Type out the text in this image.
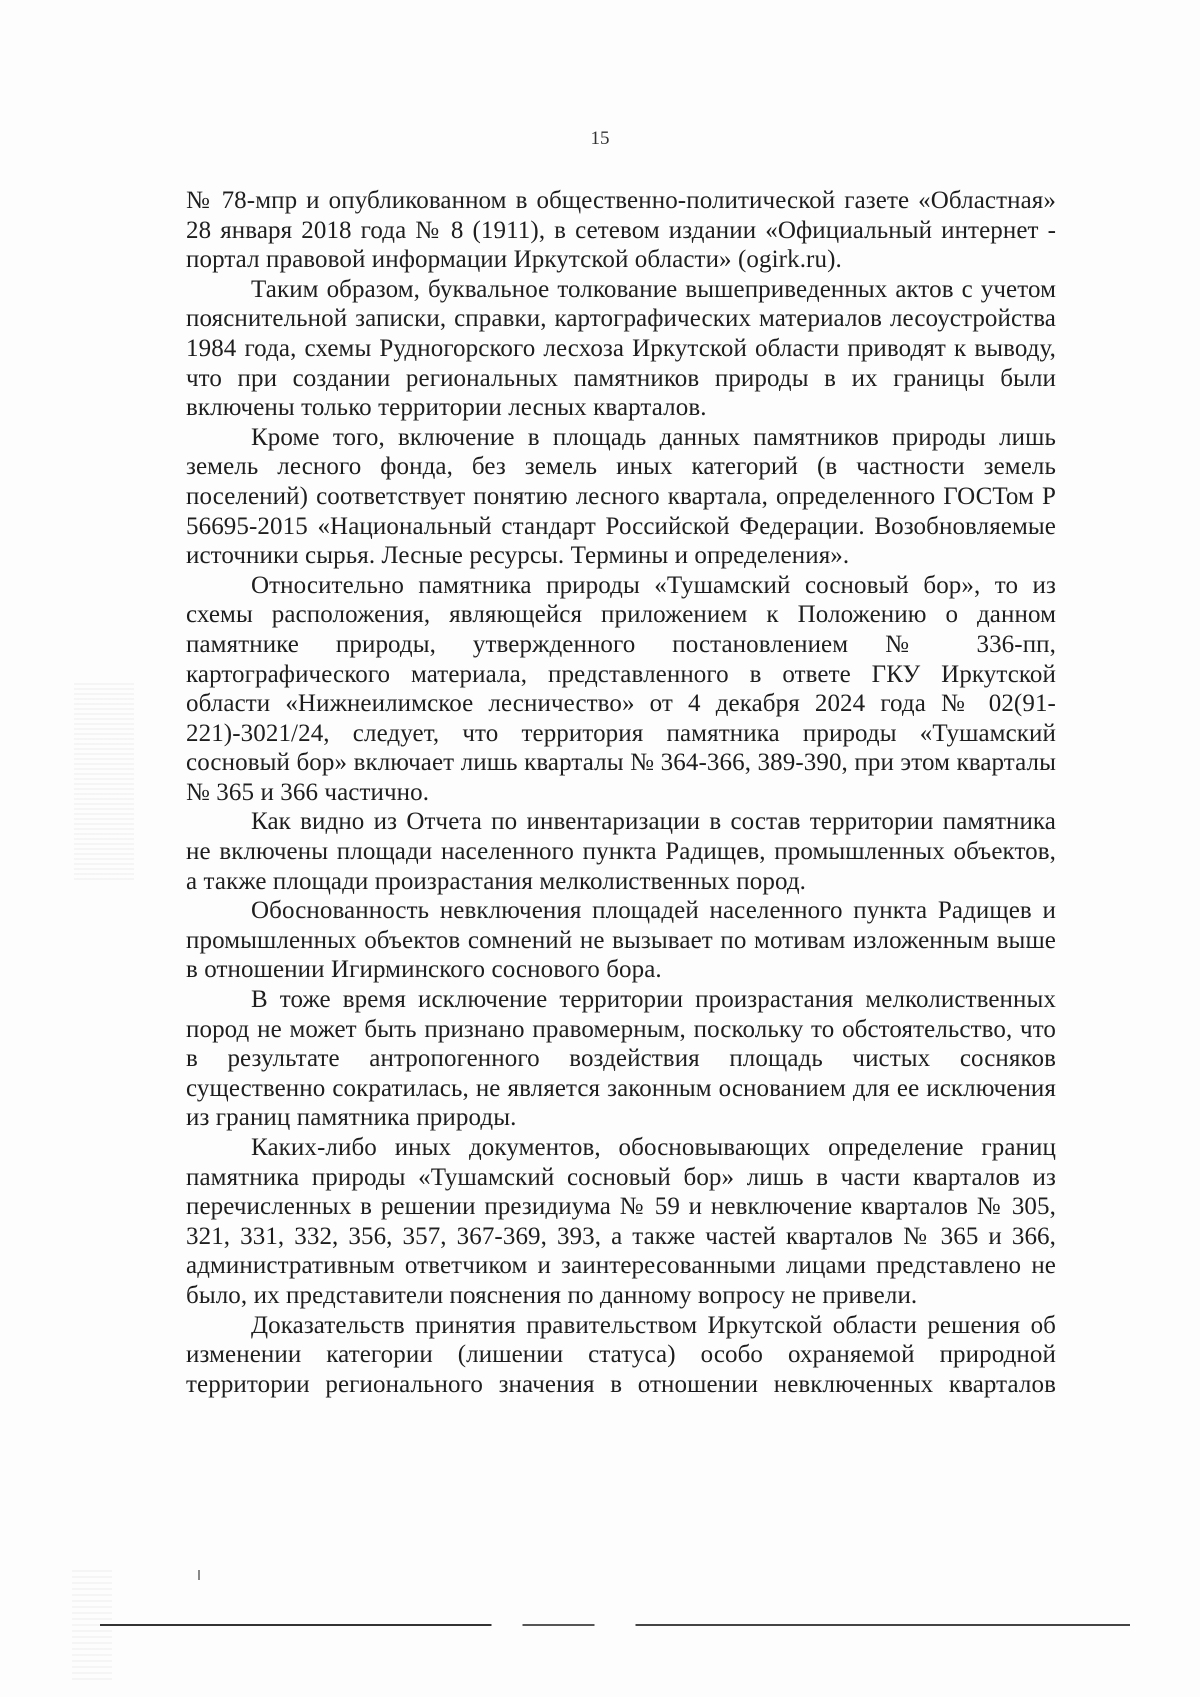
15

№ 78-мпр и опубликованном в общественно-политической газете «Областная» 28 января 2018 года № 8 (1911), в сетевом издании «Официальный интернет - портал правовой информации Иркутской области» (ogirk.ru).

Таким образом, буквальное толкование вышеприведенных актов с учетом пояснительной записки, справки, картографических материалов лесоустройства 1984 года, схемы Рудногорского лесхоза Иркутской области приводят к выводу, что при создании региональных памятников природы в их границы были включены только территории лесных кварталов.

Кроме того, включение в площадь данных памятников природы лишь земель лесного фонда, без земель иных категорий (в частности земель поселений) соответствует понятию лесного квартала, определенного ГОСТом Р 56695-2015 «Национальный стандарт Российской Федерации. Возобновляемые источники сырья. Лесные ресурсы. Термины и определения».

Относительно памятника природы «Тушамский сосновый бор», то из схемы расположения, являющейся приложением к Положению о данном памятнике природы, утвержденного постановлением № 336-пп, картографического материала, представленного в ответе ГКУ Иркутской области «Нижнеилимское лесничество» от 4 декабря 2024 года № 02(91-221)-3021/24, следует, что территория памятника природы «Тушамский сосновый бор» включает лишь кварталы № 364-366, 389-390, при этом кварталы № 365 и 366 частично.

Как видно из Отчета по инвентаризации в состав территории памятника не включены площади населенного пункта Радищев, промышленных объектов, а также площади произрастания мелколиственных пород.

Обоснованность невключения площадей населенного пункта Радищев и промышленных объектов сомнений не вызывает по мотивам изложенным выше в отношении Игирминского соснового бора.

В тоже время исключение территории произрастания мелколиственных пород не может быть признано правомерным, поскольку то обстоятельство, что в результате антропогенного воздействия площадь чистых сосняков существенно сократилась, не является законным основанием для ее исключения из границ памятника природы.

Каких-либо иных документов, обосновывающих определение границ памятника природы «Тушамский сосновый бор» лишь в части кварталов из перечисленных в решении президиума № 59 и невключение кварталов № 305, 321, 331, 332, 356, 357, 367-369, 393, а также частей кварталов № 365 и 366, административным ответчиком и заинтересованными лицами представлено не было, их представители пояснения по данному вопросу не привели.

Доказательств принятия правительством Иркутской области решения об изменении категории (лишении статуса) особо охраняемой природной территории регионального значения в отношении невключенных кварталов
